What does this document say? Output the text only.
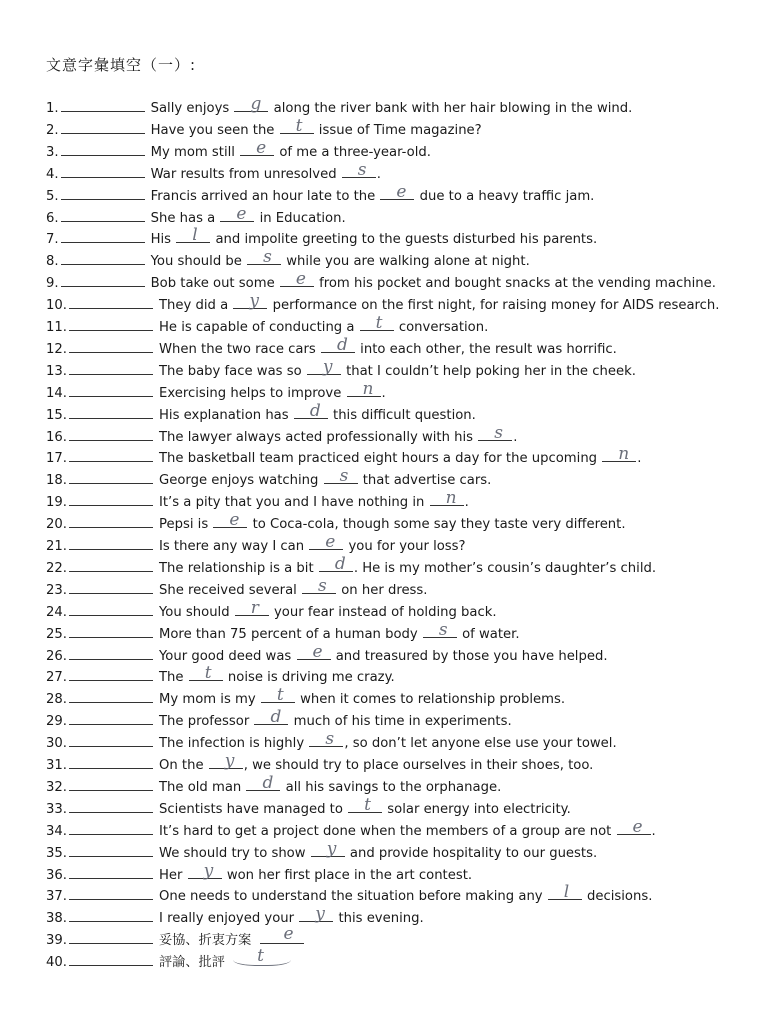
文意字彙填空（一）:
1.	Sally enjoys g along the river bank with her hair blowing in the wind.
2.	Have you seen the t issue of Time magazine?
3.	My mom still e of me a three-year-old.
4.	War results from unresolved s .
5.	Francis arrived an hour late to the e due to a heavy traffic jam.
6.	She has a e in Education.
7.	His l and impolite greeting to the guests disturbed his parents.
8.	You should be s while you are walking alone at night.
9.	Bob take out some e from his pocket and bought snacks at the vending machine.
10.	They did a y performance on the first night, for raising money for AIDS research.
11.	He is capable of conducting a t conversation.
12.	When the two race cars d into each other, the result was horrific.
13.	The baby face was so y that I couldn’t help poking her in the cheek.
14.	Exercising helps to improve n .
15.	His explanation has d this difficult question.
16.	The lawyer always acted professionally with his s .
17.	The basketball team practiced eight hours a day for the upcoming n .
18.	George enjoys watching s that advertise cars.
19.	It’s a pity that you and I have nothing in n .
20.	Pepsi is e to Coca-cola, though some say they taste very different.
21.	Is there any way I can e you for your loss?
22.	The relationship is a bit d . He is my mother’s cousin’s daughter’s child.
23.	She received several s on her dress.
24.	You should r your fear instead of holding back.
25.	More than 75 percent of a human body s of water.
26.	Your good deed was e and treasured by those you have helped.
27.	The t noise is driving me crazy.
28.	My mom is my t when it comes to relationship problems.
29.	The professor d much of his time in experiments.
30.	The infection is highly s , so don’t let anyone else use your towel.
31.	On the y , we should try to place ourselves in their shoes, too.
32.	The old man d all his savings to the orphanage.
33.	Scientists have managed to t solar energy into electricity.
34.	It’s hard to get a project done when the members of a group are not e .
35.	We should try to show y and provide hospitality to our guests.
36.	Her y won her first place in the art contest.
37.	One needs to understand the situation before making any l decisions.
38.	I really enjoyed your y this evening.
39.	妥協、折衷方案 e
40.	評論、批評 t
